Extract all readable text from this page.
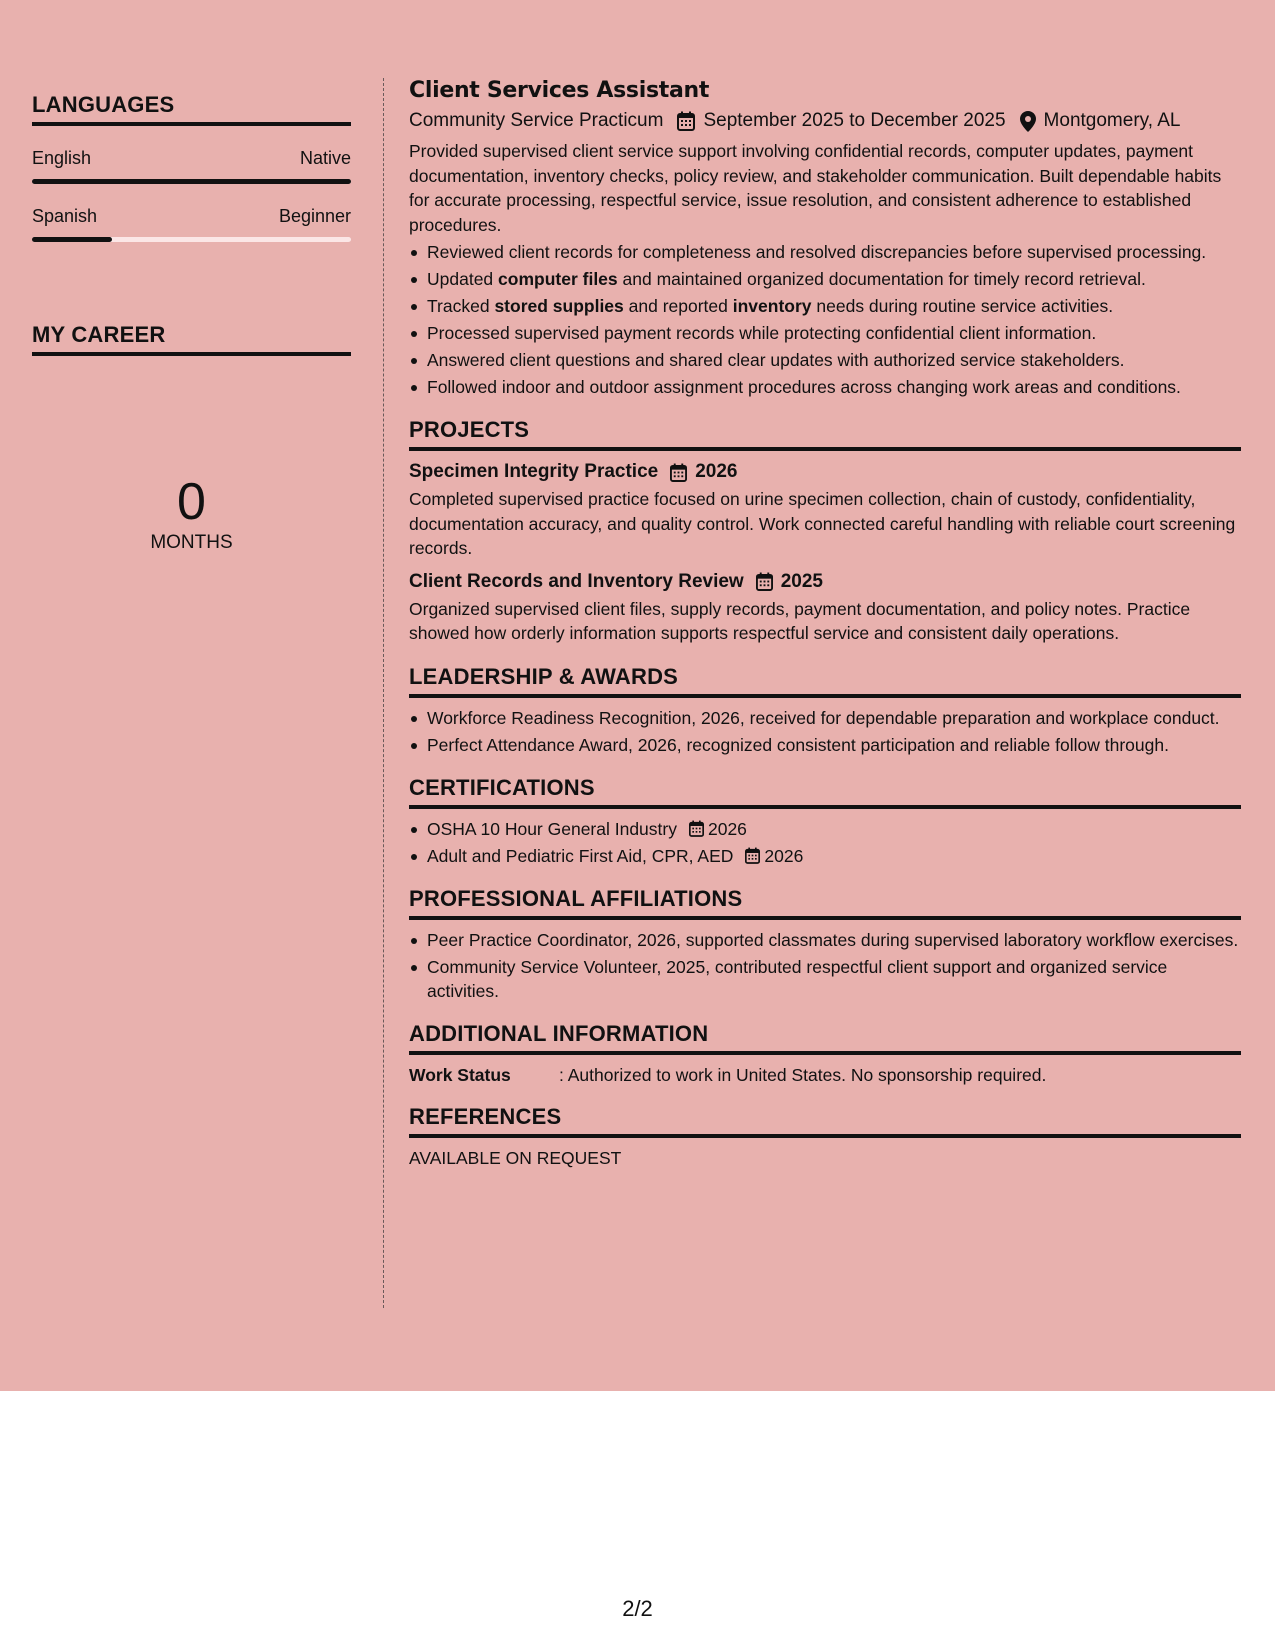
LANGUAGES
English	Native
Spanish	Beginner
MY CAREER
0
MONTHS
Client Services Assistant
Community Service Practicum September 2025 to December 2025 Montgomery, AL

Provided supervised client service support involving confidential records, computer updates, payment documentation, inventory checks, policy review, and stakeholder communication. Built dependable habits for accurate processing, respectful service, issue resolution, and consistent adherence to established procedures.

Reviewed client records for completeness and resolved discrepancies before supervised processing.
Updated computer files and maintained organized documentation for timely record retrieval.
Tracked stored supplies and reported inventory needs during routine service activities.
Processed supervised payment records while protecting confidential client information.
Answered client questions and shared clear updates with authorized service stakeholders.
Followed indoor and outdoor assignment procedures across changing work areas and conditions.
PROJECTS
Specimen Integrity Practice 2026

Completed supervised practice focused on urine specimen collection, chain of custody, confidentiality, documentation accuracy, and quality control. Work connected careful handling with reliable court screening records.

Client Records and Inventory Review 2025

Organized supervised client files, supply records, payment documentation, and policy notes. Practice showed how orderly information supports respectful service and consistent daily operations.

LEADERSHIP & AWARDS
Workforce Readiness Recognition, 2026, received for dependable preparation and workplace conduct.
Perfect Attendance Award, 2026, recognized consistent participation and reliable follow through.
CERTIFICATIONS
OSHA 10 Hour General Industry 2026
Adult and Pediatric First Aid, CPR, AED 2026
PROFESSIONAL AFFILIATIONS
Peer Practice Coordinator, 2026, supported classmates during supervised laboratory workflow exercises.
Community Service Volunteer, 2025, contributed respectful client support and organized service activities.
ADDITIONAL INFORMATION
Work Status	: Authorized to work in United States. No sponsorship required.
REFERENCES
AVAILABLE ON REQUEST
2/2
